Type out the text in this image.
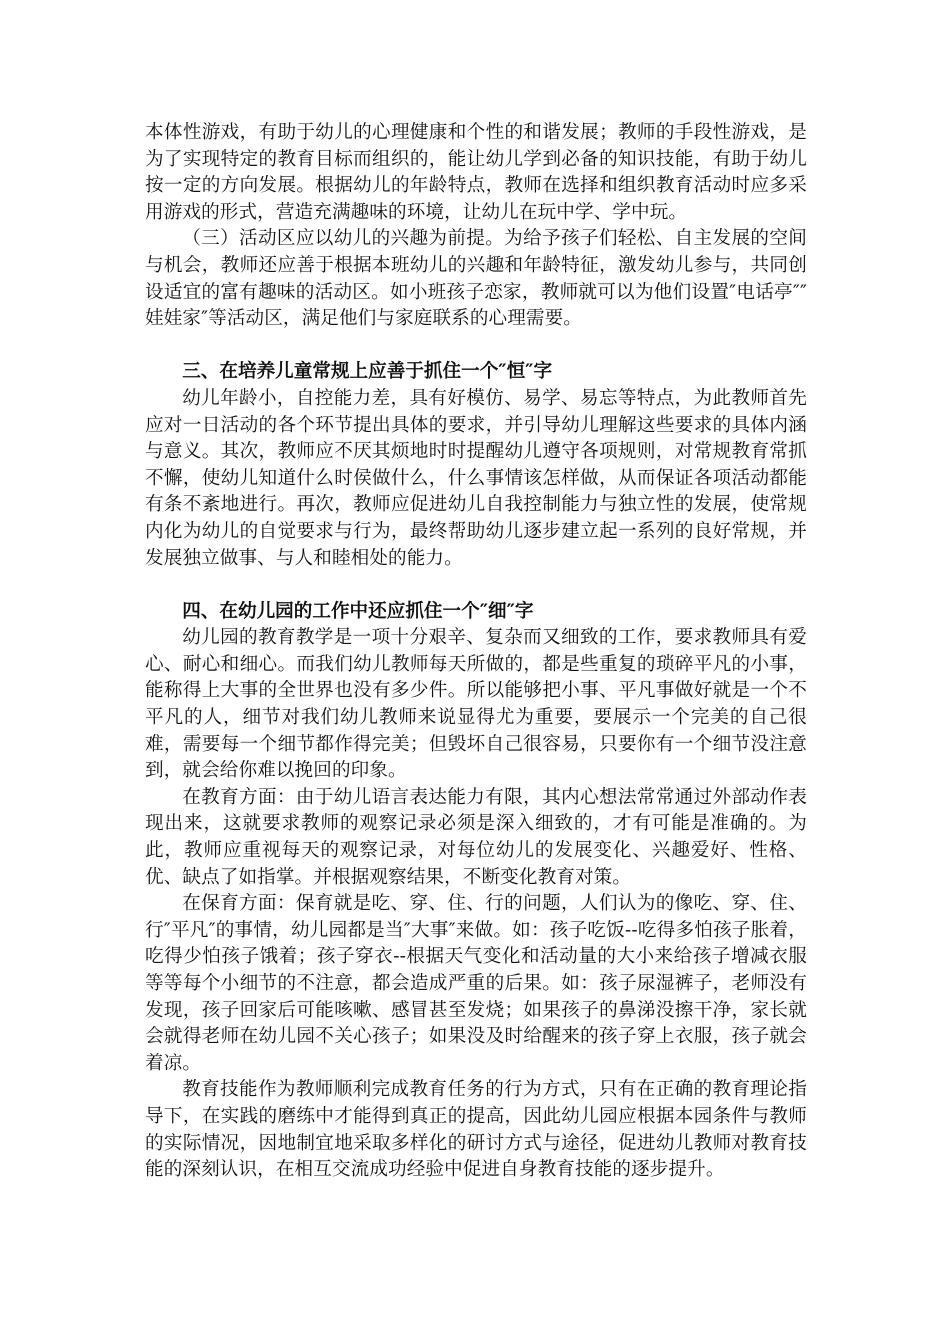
本体性游戏，有助于幼儿的心理健康和个性的和谐发展；教师的手段性游戏，是为了实现特定的教育目标而组织的，能让幼儿学到必备的知识技能，有助于幼儿按一定的方向发展。根据幼儿的年龄特点，教师在选择和组织教育活动时应多采用游戏的形式，营造充满趣味的环境，让幼儿在玩中学、学中玩。

（三）活动区应以幼儿的兴趣为前提。为给予孩子们轻松、自主发展的空间与机会，教师还应善于根据本班幼儿的兴趣和年龄特征，激发幼儿参与，共同创设适宜的富有趣味的活动区。如小班孩子恋家，教师就可以为他们设置″电话亭″″娃娃家″等活动区，满足他们与家庭联系的心理需要。

三、在培养儿童常规上应善于抓住一个″恒″字

幼儿年龄小，自控能力差，具有好模仿、易学、易忘等特点，为此教师首先应对一日活动的各个环节提出具体的要求，并引导幼儿理解这些要求的具体内涵与意义。其次，教师应不厌其烦地时时提醒幼儿遵守各项规则，对常规教育常抓不懈，使幼儿知道什么时侯做什么，什么事情该怎样做，从而保证各项活动都能有条不紊地进行。再次，教师应促进幼儿自我控制能力与独立性的发展，使常规内化为幼儿的自觉要求与行为，最终帮助幼儿逐步建立起一系列的良好常规，并发展独立做事、与人和睦相处的能力。

四、在幼儿园的工作中还应抓住一个″细″字

幼儿园的教育教学是一项十分艰辛、复杂而又细致的工作，要求教师具有爱心、耐心和细心。而我们幼儿教师每天所做的，都是些重复的琐碎平凡的小事，能称得上大事的全世界也没有多少件。所以能够把小事、平凡事做好就是一个不平凡的人，细节对我们幼儿教师来说显得尤为重要，要展示一个完美的自己很难，需要每一个细节都作得完美；但毁坏自己很容易，只要你有一个细节没注意到，就会给你难以挽回的印象。

在教育方面：由于幼儿语言表达能力有限，其内心想法常常通过外部动作表现出来，这就要求教师的观察记录必须是深入细致的，才有可能是准确的。为此，教师应重视每天的观察记录，对每位幼儿的发展变化、兴趣爱好、性格、优、缺点了如指掌。并根据观察结果，不断变化教育对策。

在保育方面：保育就是吃、穿、住、行的问题，人们认为的像吃、穿、住、行″平凡″的事情，幼儿园都是当″大事″来做。如：孩子吃饭--吃得多怕孩子胀着，吃得少怕孩子饿着；孩子穿衣--根据天气变化和活动量的大小来给孩子增减衣服等等每个小细节的不注意，都会造成严重的后果。如：孩子尿湿裤子，老师没有发现，孩子回家后可能咳嗽、感冒甚至发烧；如果孩子的鼻涕没擦干净，家长就会就得老师在幼儿园不关心孩子；如果没及时给醒来的孩子穿上衣服，孩子就会着凉。

教育技能作为教师顺利完成教育任务的行为方式，只有在正确的教育理论指导下，在实践的磨练中才能得到真正的提高，因此幼儿园应根据本园条件与教师的实际情况，因地制宜地采取多样化的研讨方式与途径，促进幼儿教师对教育技能的深刻认识，在相互交流成功经验中促进自身教育技能的逐步提升。
